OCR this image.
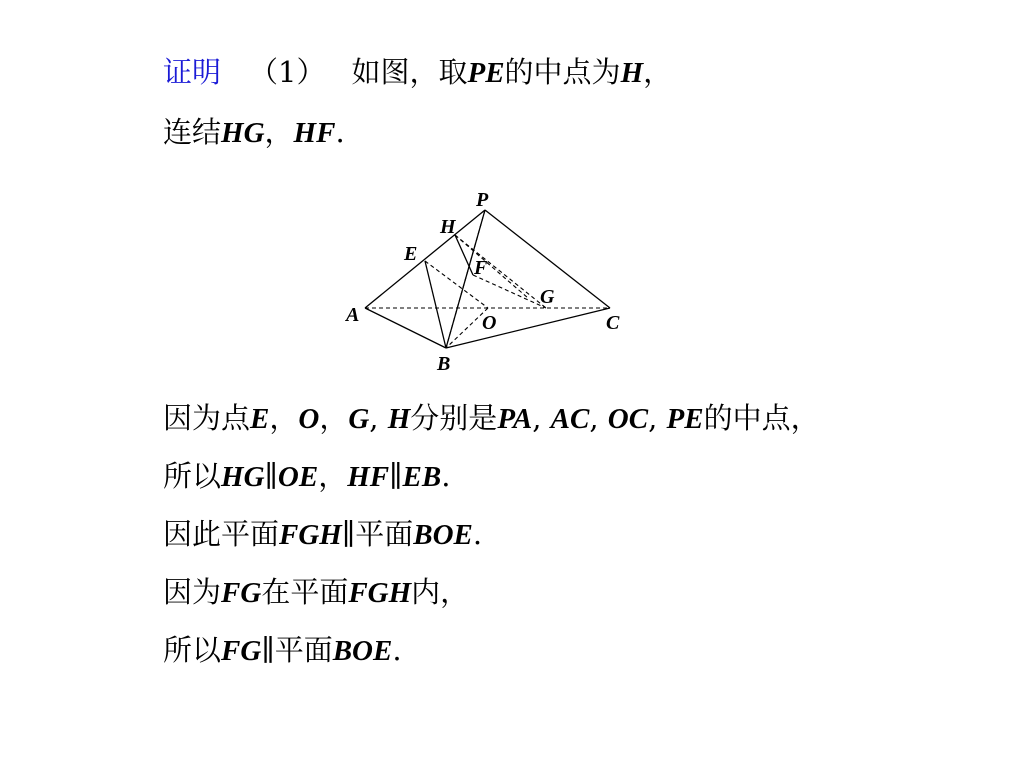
证明 （1） 如图，取PE的中点为H，
连结HG，HF.
P
H
E
F
G
A	O	C
B
因为点E，O，G, H分别是PA, AC, OC, PE的中点，
所以HG∥OE，HF∥EB.
因此平面FGH∥平面BOE.
因为FG在平面FGH内，
所以FG∥平面BOE.
